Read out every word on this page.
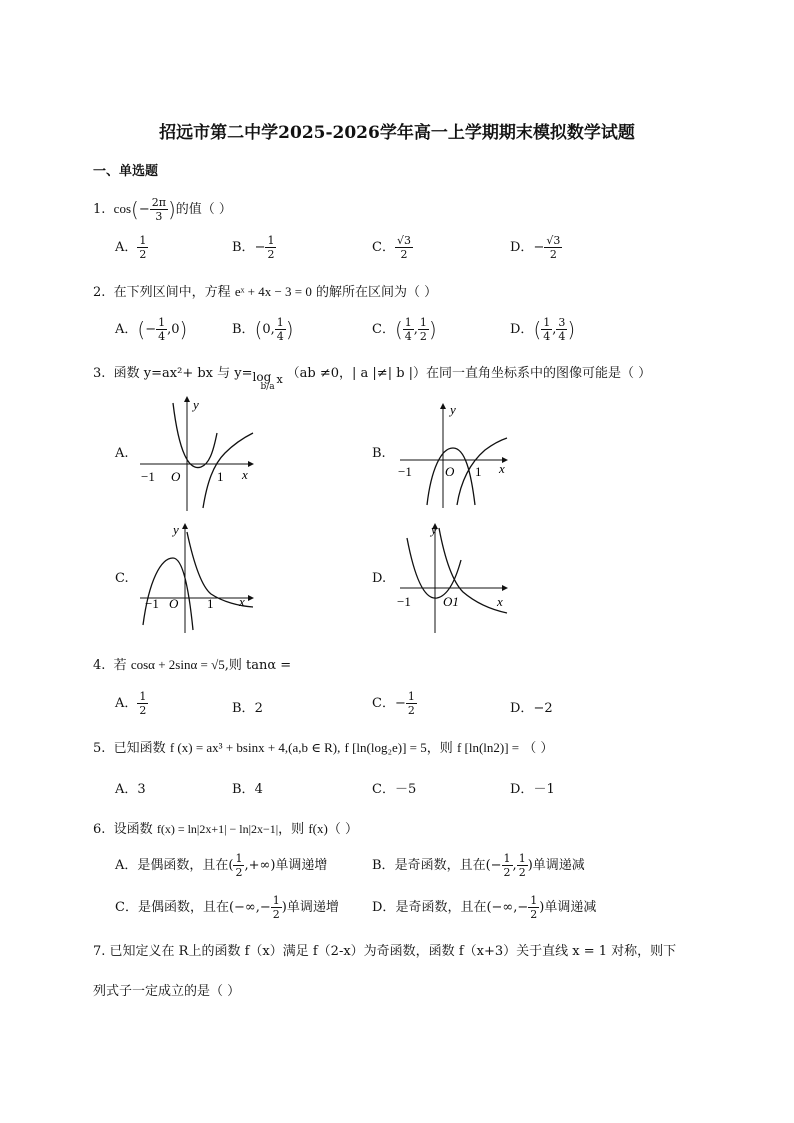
招远市第二中学2025-2026学年高一上学期期末模拟数学试题
一、单选题
1. $\cos(- \frac{2\pi}{3}$ )的值（ ）
A． $\frac{1}{2}$	B．− $\frac{1}{2}$	C． $\frac{√3}{2}$	D．− $\frac{√3}{2}$
2. 在下列区间中，方程 eˣ + 4x − 3 = 0 的解所在区间为（ ）
A．(− $\frac{1}{4} ,0$)	B．(0, $\frac{1}{4}$ )	C．( $\frac{1}{4}$ , $\frac{1}{2}$ )	D．( $\frac{1}{4}$ , $\frac{3}{4}$ )
3. 函数 y=ax²+ bx 与 y= log
b/a
x （ab ≠0，| a |≠| b |）在同一直角坐标系中的图像可能是（ ）
A.	B.
C.	D.
y
x
−1 O	1
y
x
−1	O 1
y
x
−1 O 1
y
x
−1 O1
4. 若 cosα + 2sinα = √5,则 tanα =
A． $\frac{1}{2}$	B．2	C．− $\frac{1}{2}$	D．−2
5. 已知函数 f (x) = ax³ + bsinx + 4,(a,b ∈ R), f [ln(log₂e)] = 5，则 f [ln(ln2)] = （ ）
A．3	B．4	C．－5	D．－1
6. 设函数 f(x) = ln|2x+1| − ln|2x−1|，则 f(x)（ ）
A．是偶函数，且在( $\frac{1}{2}$ ,+∞)单调递增	B．是奇函数，且在(− $\frac{1}{2}$ , $\frac{1}{2}$ )单调递减
C．是偶函数，且在(−∞,− $\frac{1}{2}$ )单调递增	D．是奇函数，且在(−∞,− $\frac{1}{2}$ )单调递减
7. 已知定义在 R上的函数 f（x）满足 f（2-x）为奇函数，函数 f（x+3）关于直线 x = 1 对称，则下
列式子一定成立的是（ ）
